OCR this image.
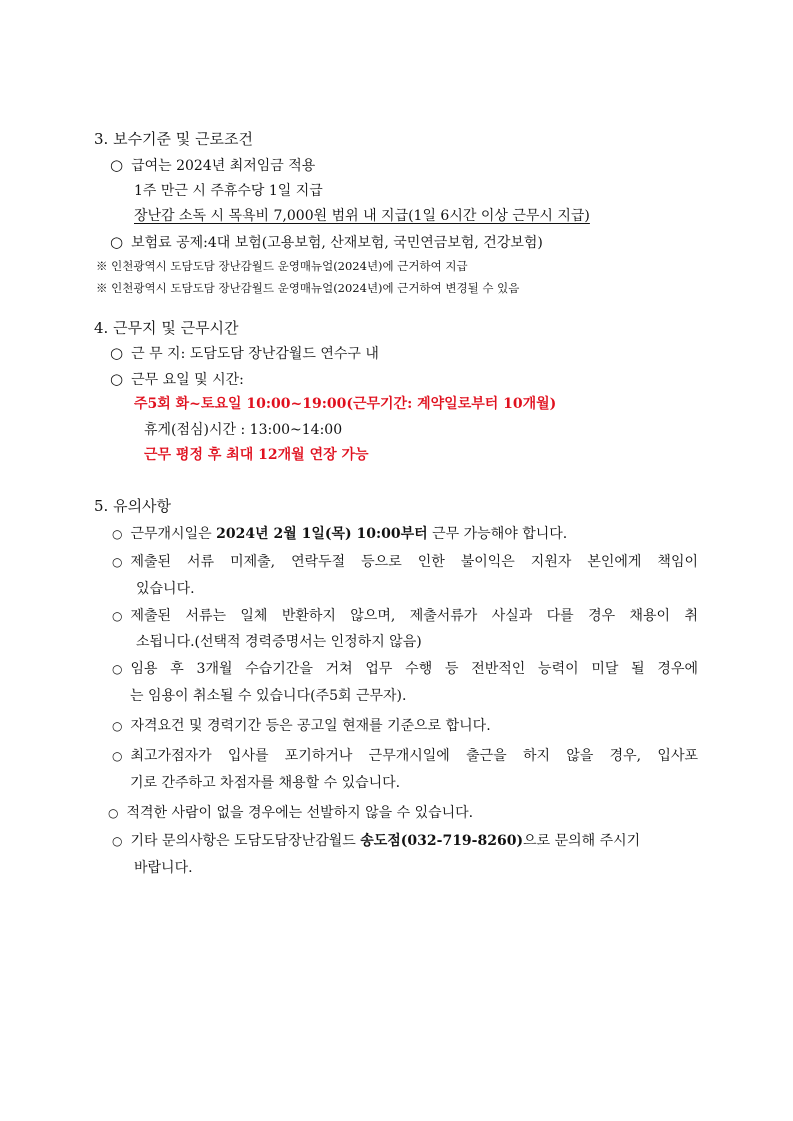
3. 보수기준 및 근로조건
○ 급여는 2024년 최저임금 적용
1주 만근 시 주휴수당 1일 지급
장난감 소독 시 목욕비 7,000원 범위 내 지급(1일 6시간 이상 근무시 지급)
○ 보험료 공제:4대 보험(고용보험, 산재보험, 국민연금보험, 건강보험)
※ 인천광역시 도담도담 장난감월드 운영매뉴얼(2024년)에 근거하여 지급
※ 인천광역시 도담도담 장난감월드 운영매뉴얼(2024년)에 근거하여 변경될 수 있음
4. 근무지 및 근무시간
○ 근 무 지: 도담도담 장난감월드 연수구 내
○ 근무 요일 및 시간:
주5회 화~토요일 10:00~19:00(근무기간: 계약일로부터 10개월)
휴게(점심)시간 : 13:00~14:00
근무 평정 후 최대 12개월 연장 가능
5. 유의사항
○ 근무개시일은 2024년 2월 1일(목) 10:00부터 근무 가능해야 합니다.
○ 제출된 서류 미제출, 연락두절 등으로 인한 불이익은 지원자 본인에게 책임이
있습니다.
○ 제출된 서류는 일체 반환하지 않으며, 제출서류가 사실과 다를 경우 채용이 취
소됩니다.(선택적 경력증명서는 인정하지 않음)
○ 임용 후 3개월 수습기간을 거쳐 업무 수행 등 전반적인 능력이 미달 될 경우에
는 임용이 취소될 수 있습니다(주5회 근무자).
○ 자격요건 및 경력기간 등은 공고일 현재를 기준으로 합니다.
○ 최고가점자가 입사를 포기하거나 근무개시일에 출근을 하지 않을 경우, 입사포
기로 간주하고 차점자를 채용할 수 있습니다.
○ 적격한 사람이 없을 경우에는 선발하지 않을 수 있습니다.
○ 기타 문의사항은 도담도담장난감월드 송도점(032-719-8260)으로 문의해 주시기
바랍니다.
